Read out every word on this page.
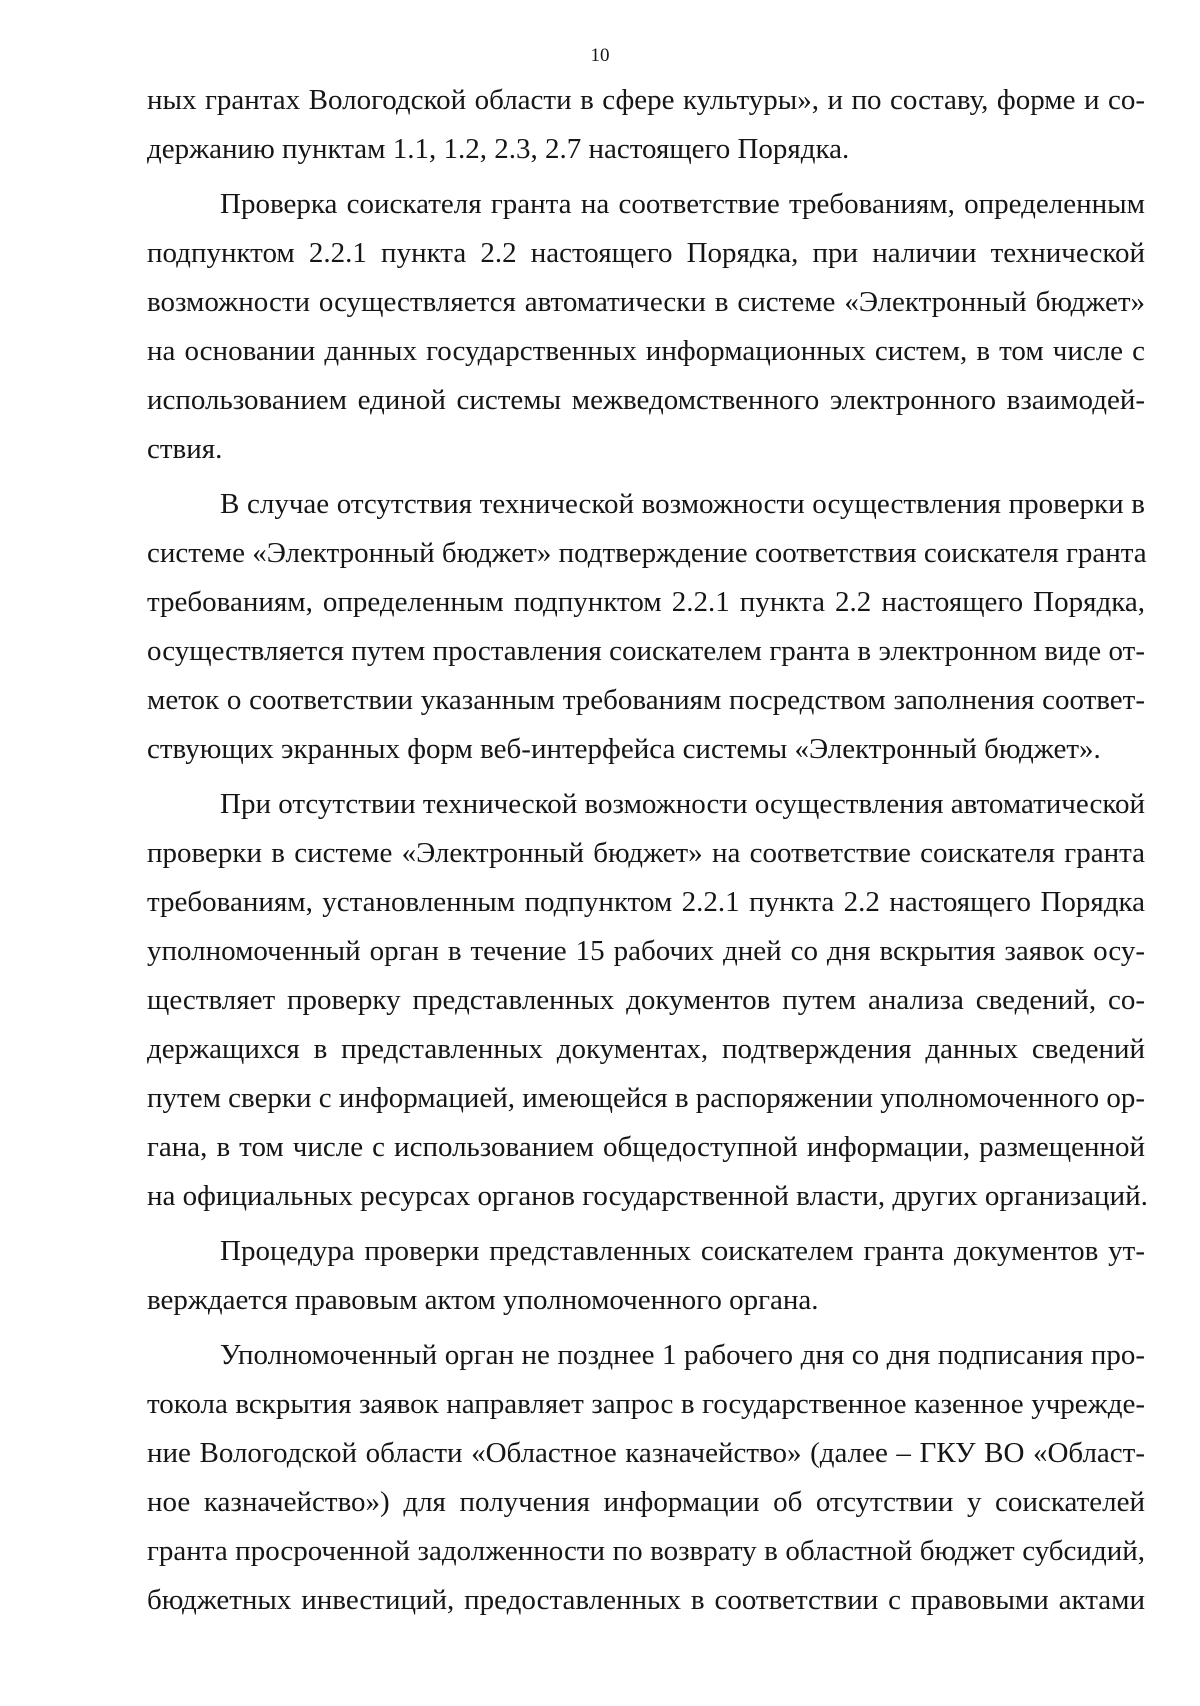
10
ных грантах Вологодской области в сфере культуры», и по составу, форме и со-
держанию пунктам 1.1, 1.2, 2.3, 2.7 настоящего Порядка.
Проверка соискателя гранта на соответствие требованиям, определенным
подпунктом 2.2.1 пункта 2.2 настоящего Порядка, при наличии технической
возможности осуществляется автоматически в системе «Электронный бюджет»
на основании данных государственных информационных систем, в том числе с
использованием единой системы межведомственного электронного взаимодей-
ствия.
В случае отсутствия технической возможности осуществления проверки в
системе «Электронный бюджет» подтверждение соответствия соискателя гранта
требованиям, определенным подпунктом 2.2.1 пункта 2.2 настоящего Порядка,
осуществляется путем проставления соискателем гранта в электронном виде от-
меток о соответствии указанным требованиям посредством заполнения соответ-
ствующих экранных форм веб-интерфейса системы «Электронный бюджет».
При отсутствии технической возможности осуществления автоматической
проверки в системе «Электронный бюджет» на соответствие соискателя гранта
требованиям, установленным подпунктом 2.2.1 пункта 2.2 настоящего Порядка
уполномоченный орган в течение 15 рабочих дней со дня вскрытия заявок осу-
ществляет проверку представленных документов путем анализа сведений, со-
держащихся в представленных документах, подтверждения данных сведений
путем сверки с информацией, имеющейся в распоряжении уполномоченного ор-
гана, в том числе с использованием общедоступной информации, размещенной
на официальных ресурсах органов государственной власти, других организаций.
Процедура проверки представленных соискателем гранта документов ут-
верждается правовым актом уполномоченного органа.
Уполномоченный орган не позднее 1 рабочего дня со дня подписания про-
токола вскрытия заявок направляет запрос в государственное казенное учрежде-
ние Вологодской области «Областное казначейство» (далее – ГКУ ВО «Област-
ное казначейство») для получения информации об отсутствии у соискателей
гранта просроченной задолженности по возврату в областной бюджет субсидий,
бюджетных инвестиций, предоставленных в соответствии с правовыми актами
